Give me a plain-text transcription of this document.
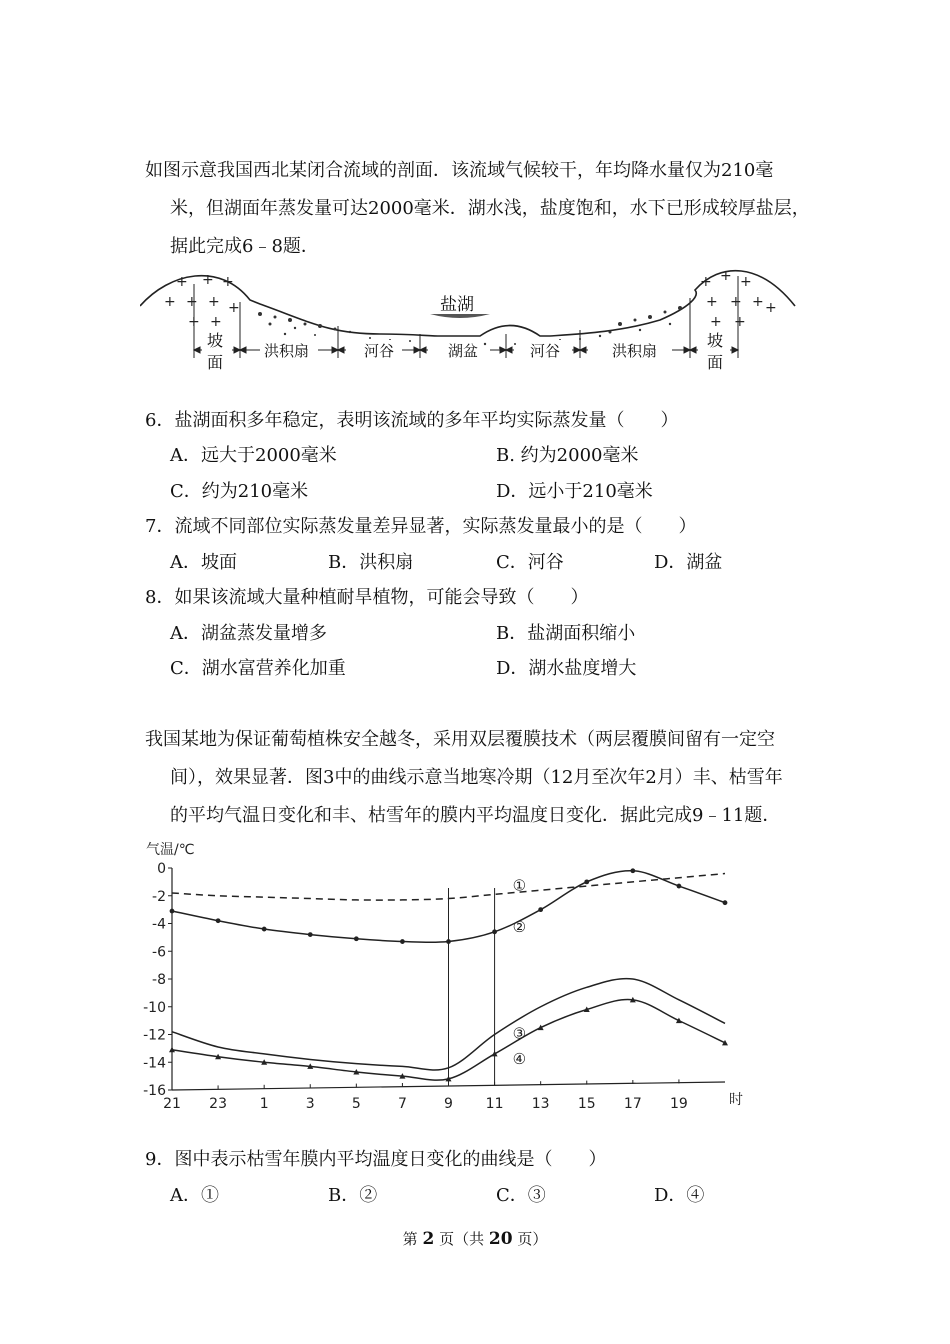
如图示意我国西北某闭合流域的剖面．该流域气候较干，年均降水量仅为210毫
米，但湖面年蒸发量可达2000毫米．湖水浅，盐度饱和，水下已形成较厚盐层，
据此完成6﹣8题．
+ + +
+ + + +
+ +
+ + +
+ + + +
+ +
盐湖
坡面
洪积扇	河谷	湖盆	河谷	洪积扇
坡面
6．盐湖面积多年稳定，表明该流域的多年平均实际蒸发量（　　）
A．远大于2000毫米	B. 约为2000毫米
C．约为210毫米	D．远小于210毫米
7．流域不同部位实际蒸发量差异显著，实际蒸发量最小的是（　　）
A．坡面	B．洪积扇	C．河谷	D．湖盆
8．如果该流域大量种植耐旱植物，可能会导致（　　）
A．湖盆蒸发量增多	B．盐湖面积缩小
C．湖水富营养化加重	D．湖水盐度增大
我国某地为保证葡萄植株安全越冬，采用双层覆膜技术（两层覆膜间留有一定空
间），效果显著．图3中的曲线示意当地寒冷期（12月至次年2月）丰、枯雪年
的平均气温日变化和丰、枯雪年的膜内平均温度日变化．据此完成9﹣11题．
0
-2
-4
-6
-8
-10
-12
-14
-16
21 23 1	3	5	7	9 11 13 15 17 19	时
气温/℃
①
②
③
④
9．图中表示枯雪年膜内平均温度日变化的曲线是（　　）
A．①	B．②	C．③	D．④
第 2 页（共 20 页）
